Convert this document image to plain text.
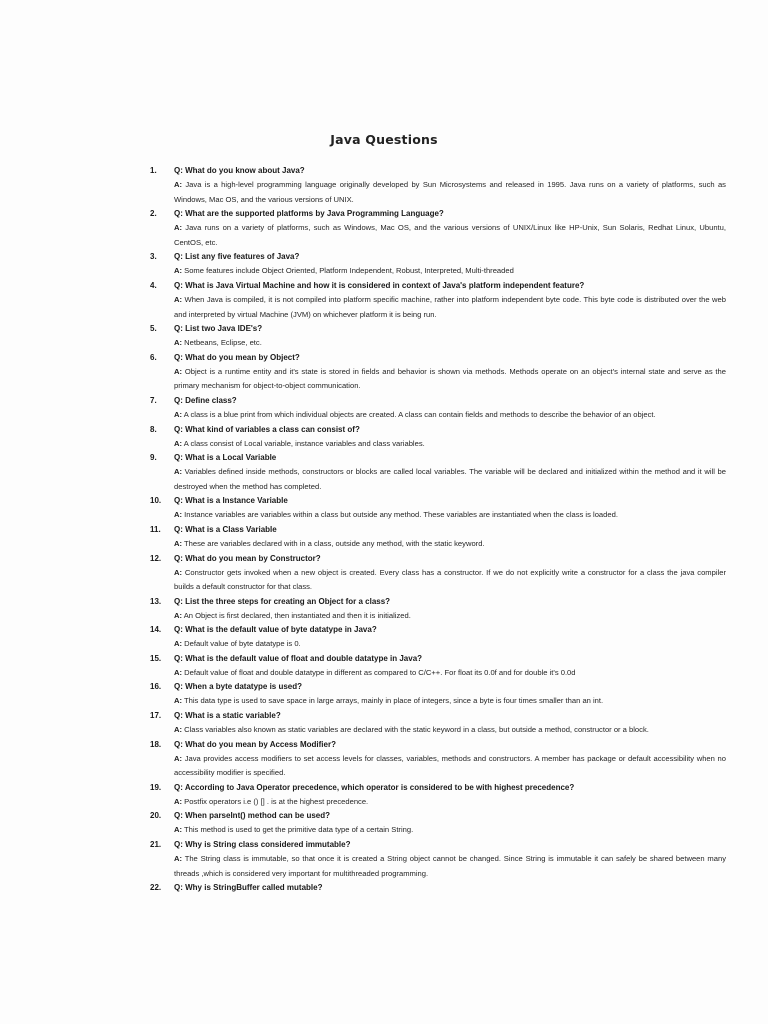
Java Questions
1. Q: What do you know about Java?

A: Java is a high-level programming language originally developed by Sun Microsystems and released in 1995. Java runs on a variety of platforms, such as Windows, Mac OS, and the various versions of UNIX.

2. Q: What are the supported platforms by Java Programming Language?

A: Java runs on a variety of platforms, such as Windows, Mac OS, and the various versions of UNIX/Linux like HP-Unix, Sun Solaris, Redhat Linux, Ubuntu, CentOS, etc.

3. Q: List any five features of Java?

A: Some features include Object Oriented, Platform Independent, Robust, Interpreted, Multi-threaded

4. Q: What is Java Virtual Machine and how it is considered in context of Java's platform independent feature?

A: When Java is compiled, it is not compiled into platform specific machine, rather into platform independent byte code. This byte code is distributed over the web and interpreted by virtual Machine (JVM) on whichever platform it is being run.

5. Q: List two Java IDE's?

A: Netbeans, Eclipse, etc.

6. Q: What do you mean by Object?

A: Object is a runtime entity and it's state is stored in fields and behavior is shown via methods. Methods operate on an object's internal state and serve as the primary mechanism for object-to-object communication.

7. Q: Define class?

A: A class is a blue print from which individual objects are created. A class can contain fields and methods to describe the behavior of an object.

8. Q: What kind of variables a class can consist of?

A: A class consist of Local variable, instance variables and class variables.

9. Q: What is a Local Variable

A: Variables defined inside methods, constructors or blocks are called local variables. The variable will be declared and initialized within the method and it will be destroyed when the method has completed.

10. Q: What is a Instance Variable

A: Instance variables are variables within a class but outside any method. These variables are instantiated when the class is loaded.

11. Q: What is a Class Variable

A: These are variables declared with in a class, outside any method, with the static keyword.

12. Q: What do you mean by Constructor?

A: Constructor gets invoked when a new object is created. Every class has a constructor. If we do not explicitly write a constructor for a class the java compiler builds a default constructor for that class.

13. Q: List the three steps for creating an Object for a class?

A: An Object is first declared, then instantiated and then it is initialized.

14. Q: What is the default value of byte datatype in Java?

A: Default value of byte datatype is 0.

15. Q: What is the default value of float and double datatype in Java?

A: Default value of float and double datatype in different as compared to C/C++. For float its 0.0f and for double it's 0.0d

16. Q: When a byte datatype is used?

A: This data type is used to save space in large arrays, mainly in place of integers, since a byte is four times smaller than an int.

17. Q: What is a static variable?

A: Class variables also known as static variables are declared with the static keyword in a class, but outside a method, constructor or a block.

18. Q: What do you mean by Access Modifier?

A: Java provides access modifiers to set access levels for classes, variables, methods and constructors. A member has package or default accessibility when no accessibility modifier is specified.

19. Q: According to Java Operator precedence, which operator is considered to be with highest precedence?

A: Postfix operators i.e () [] . is at the highest precedence.

20. Q: When parseInt() method can be used?

A: This method is used to get the primitive data type of a certain String.

21. Q: Why is String class considered immutable?

A: The String class is immutable, so that once it is created a String object cannot be changed. Since String is immutable it can safely be shared between many threads ,which is considered very important for multithreaded programming.

22. Q: Why is StringBuffer called mutable?
